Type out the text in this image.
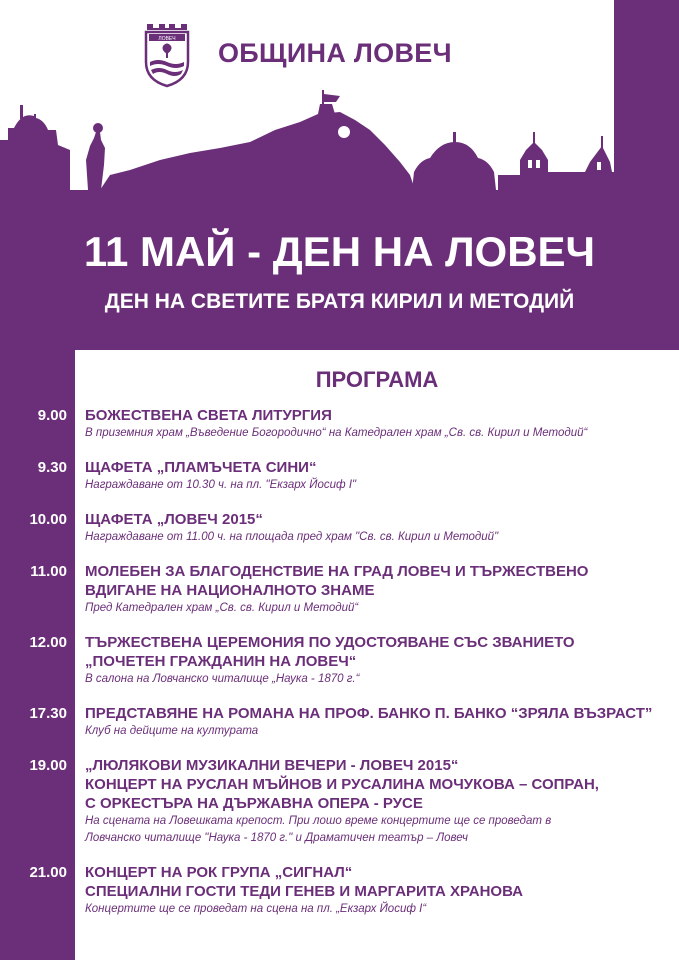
ЛОВЕЧ ОБЩИНА ЛОВЕЧ
11 МАЙ - ДЕН НА ЛОВЕЧ
ДЕН НА СВЕТИТЕ БРАТЯ КИРИЛ И МЕТОДИЙ
ПРОГРАМА
9.00 БОЖЕСТВЕНА СВЕТА ЛИТУРГИЯ
В приземния храм „Въведение Богородично“ на Катедрален храм „Св. св. Кирил и Методий“
9.30 ЩАФЕТА „ПЛАМЪЧЕТА СИНИ“
Награждаване от 10.30 ч. на пл. "Екзарх Йосиф I"
10.00 ЩАФЕТА „ЛОВЕЧ 2015“
Награждаване от 11.00 ч. на площада пред храм "Св. св. Кирил и Методий"
11.00 МОЛЕБЕН ЗА БЛАГОДЕНСТВИЕ НА ГРАД ЛОВЕЧ И ТЪРЖЕСТВЕНО
ВДИГАНЕ НА НАЦИОНАЛНОТО ЗНАМЕ
Пред Катедрален храм „Св. св. Кирил и Методий“
12.00 ТЪРЖЕСТВЕНА ЦЕРЕМОНИЯ ПО УДОСТОЯВАНЕ СЪС ЗВАНИЕТО
„ПОЧЕТЕН ГРАЖДАНИН НА ЛОВЕЧ“
В салона на Ловчанско читалище „Наука - 1870 г.“
17.30 ПРЕДСТАВЯНЕ НА РОМАНА НА ПРОФ. БАНКО П. БАНКО “ЗРЯЛА ВЪЗРАСТ”
Клуб на дейците на културата
19.00 „ЛЮЛЯКОВИ МУЗИКАЛНИ ВЕЧЕРИ - ЛОВЕЧ 2015“
КОНЦЕРТ НА РУСЛАН МЪЙНОВ И РУСАЛИНА МОЧУКОВА – СОПРАН,
С ОРКЕСТЪРА НА ДЪРЖАВНА ОПЕРА - РУСЕ
На сцената на Ловешката крепост. При лошо време концертите ще се проведат в
Ловчанско читалище "Наука - 1870 г." и Драматичен театър – Ловеч
21.00 КОНЦЕРТ НА РОК ГРУПА „СИГНАЛ“
СПЕЦИАЛНИ ГОСТИ ТЕДИ ГЕНЕВ И МАРГАРИТА ХРАНОВА
Концертите ще се проведат на сцена на пл. „Екзарх Йосиф I“
